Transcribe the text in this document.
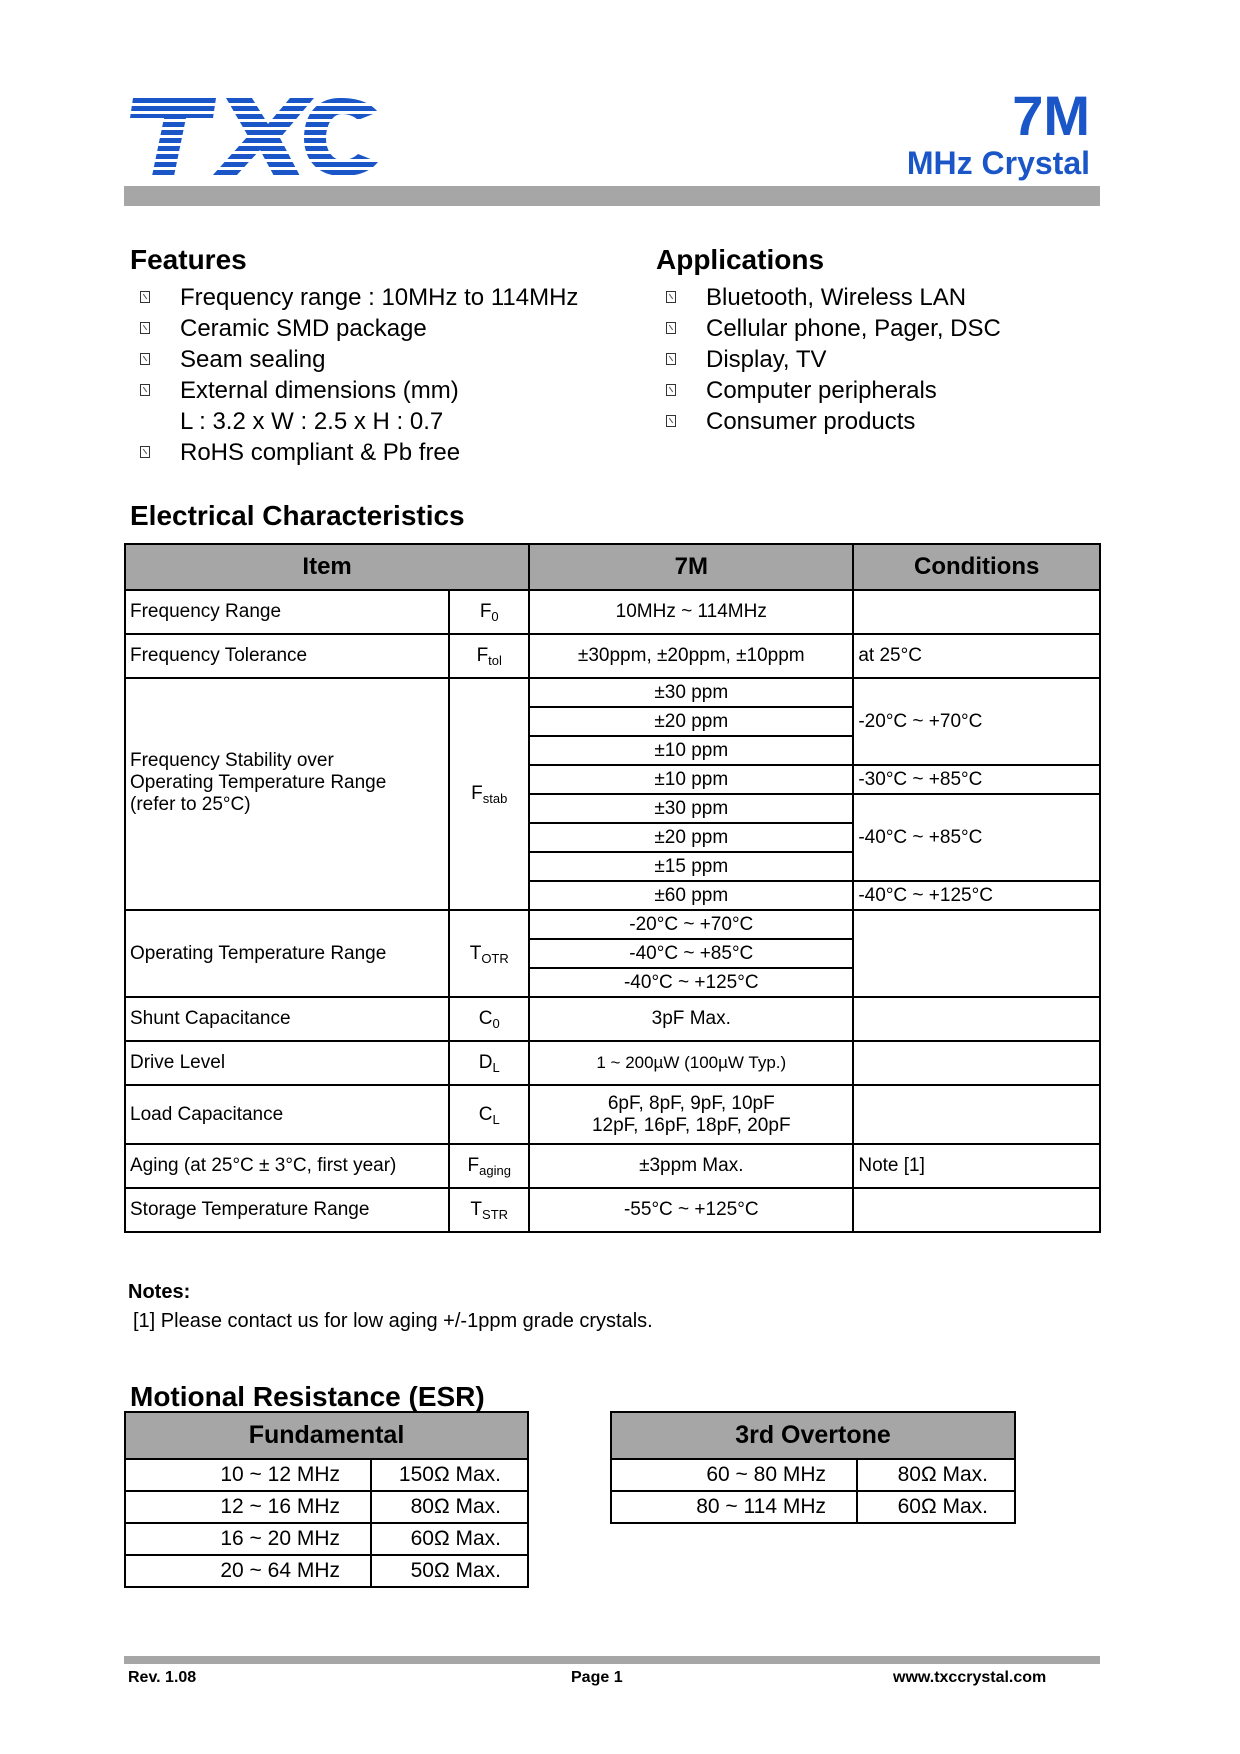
7M
MHz Crystal
Features
Frequency range : 10MHz to 114MHz
Ceramic SMD package
Seam sealing
External dimensions (mm)
L : 3.2 x W : 2.5 x H : 0.7
RoHS compliant & Pb free
Applications
Bluetooth, Wireless LAN
Cellular phone, Pager, DSC
Display, TV
Computer peripherals
Consumer products
Electrical Characteristics
Item		7M	Conditions
Frequency Range	$F_0$	10MHz ~ 114MHz	
Frequency Tolerance	$F_{tol}$	±30ppm, ±20ppm, ±10ppm	at 25°C
Frequency Stability over
Operating Temperature Range
(refer to 25°C)	$F_{stab}$	±30 ppm	-20°C ~ +70°C
		±20 ppm	
		±10 ppm	
		±10 ppm	-30°C ~ +85°C
		±30 ppm	-40°C ~ +85°C
		±20 ppm	
		±15 ppm	
		±60 ppm	-40°C ~ +125°C
Operating Temperature Range	$T_{OTR}$	-20°C ~ +70°C	
		-40°C ~ +85°C	
		-40°C ~ +125°C	
Shunt Capacitance	$C_0$	3pF Max.	
Drive Level	$D_L$	1 ~ 200µW (100µW Typ.)	
Load Capacitance	$C_L$	6pF, 8pF, 9pF, 10pF
12pF, 16pF, 18pF, 20pF	
Aging (at 25°C ± 3°C, first year)	$F_{aging}$	±3ppm Max.	Note [1]
Storage Temperature Range	$T_{STR}$	-55°C ~ +125°C	
Notes:
[1] Please contact us for low aging +/-1ppm grade crystals.
Motional Resistance (ESR)
Fundamental	
10 ~ 12 MHz	150Ω Max.
12 ~ 16 MHz	80Ω Max.
16 ~ 20 MHz	60Ω Max.
20 ~ 64 MHz	50Ω Max.
3rd Overtone	
60 ~ 80 MHz	80Ω Max.
80 ~ 114 MHz	60Ω Max.
Rev. 1.08	Page 1	www.txccrystal.com
